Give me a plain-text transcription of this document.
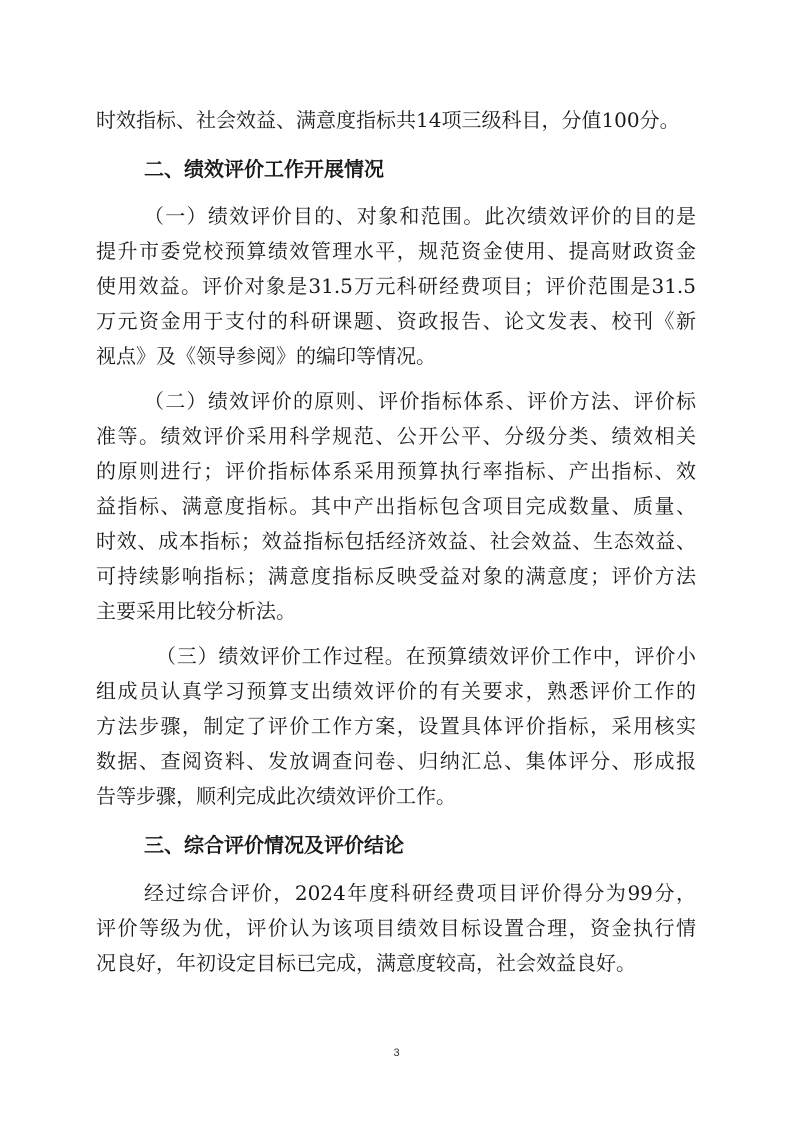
时效指标、社会效益、满意度指标共14项三级科目，分值100分。
二、绩效评价工作开展情况
（一）绩效评价目的、对象和范围。此次绩效评价的目的是
提升市委党校预算绩效管理水平，规范资金使用、提高财政资金
使用效益。评价对象是31.5万元科研经费项目；评价范围是31.5
万元资金用于支付的科研课题、资政报告、论文发表、校刊《新
视点》及《领导参阅》的编印等情况。
（二）绩效评价的原则、评价指标体系、评价方法、评价标
准等。绩效评价采用科学规范、公开公平、分级分类、绩效相关
的原则进行；评价指标体系采用预算执行率指标、产出指标、效
益指标、满意度指标。其中产出指标包含项目完成数量、质量、
时效、成本指标；效益指标包括经济效益、社会效益、生态效益、
可持续影响指标；满意度指标反映受益对象的满意度；评价方法
主要采用比较分析法。
（三）绩效评价工作过程。在预算绩效评价工作中，评价小
组成员认真学习预算支出绩效评价的有关要求，熟悉评价工作的
方法步骤，制定了评价工作方案，设置具体评价指标，采用核实
数据、查阅资料、发放调查问卷、归纳汇总、集体评分、形成报
告等步骤，顺利完成此次绩效评价工作。
三、综合评价情况及评价结论
经过综合评价，2024年度科研经费项目评价得分为99分，
评价等级为优，评价认为该项目绩效目标设置合理，资金执行情
况良好，年初设定目标已完成，满意度较高，社会效益良好。
3
